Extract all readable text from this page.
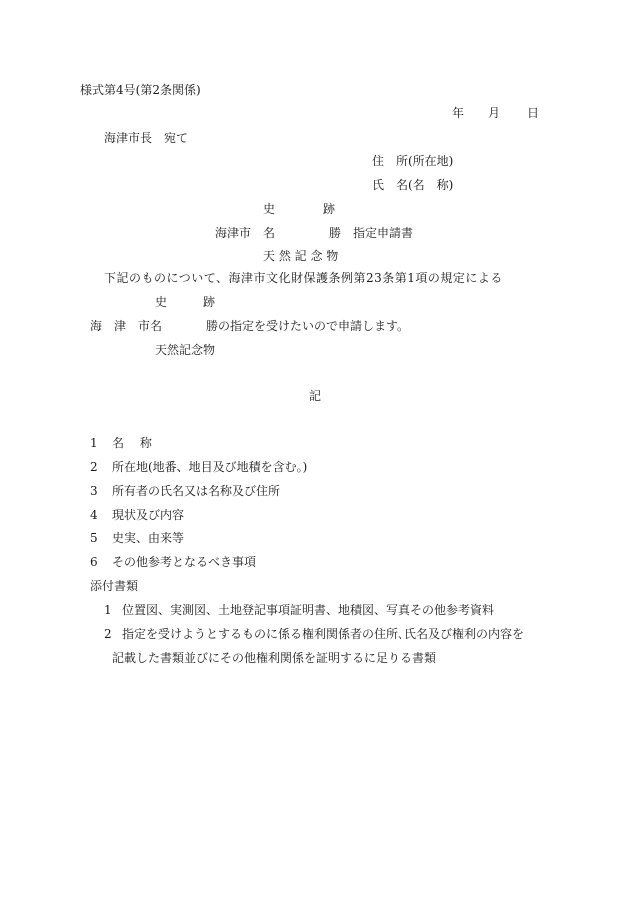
様式第4号(第2条関係)
年 月 日
海津市長　宛て
住　所(所在地)
氏　名(名　称)
史　　　　跡
海津市　名	勝　指定申請書
天 然 記 念 物
下記のものについて、海津市文化財保護条例第23条第1項の規定による
史　　　跡
海　津　市名	勝の指定を受けたいので申請します。
天然記念物
記
1 名　 称
2 所在地(地番、地目及び地積を含む。)
3 所有者の氏名又は名称及び住所
4 現状及び内容
5 史実、由来等
6 その他参考となるべき事項
添付書類
1 位置図、実測図、土地登記事項証明書、地積図、写真その他参考資料
2 指定を受けようとするものに係る権利関係者の住所､氏名及び権利の内容を
記載した書類並びにその他権利関係を証明するに足りる書類
